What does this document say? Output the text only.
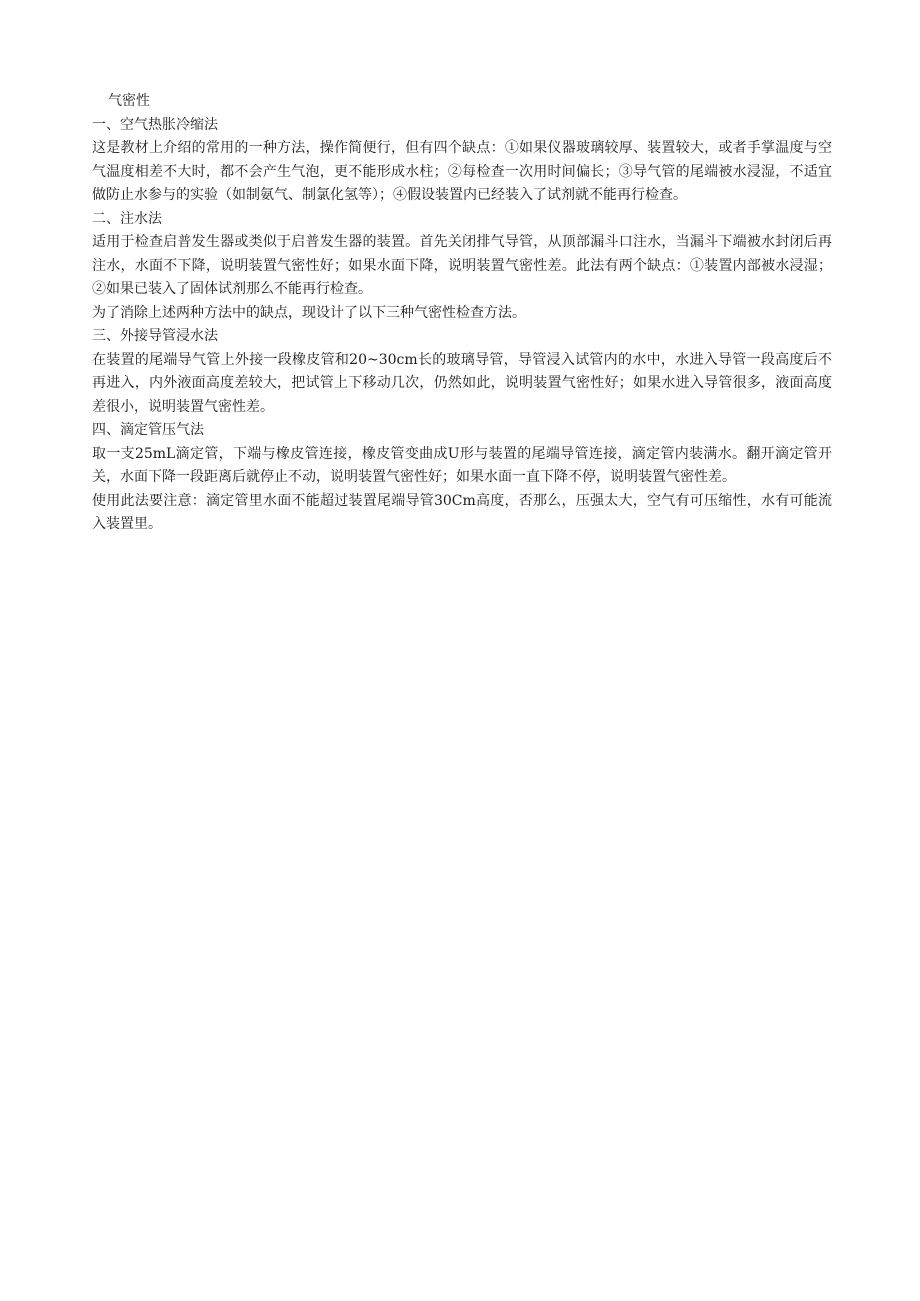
气密性

一、空气热胀冷缩法

这是教材上介绍的常用的一种方法，操作简便行，但有四个缺点：①如果仪器玻璃较厚、装置较大，或者手掌温度与空气温度相差不大时，都不会产生气泡，更不能形成水柱；②每检查一次用时间偏长；③导气管的尾端被水浸湿，不适宜做防止水参与的实验（如制氨气、制氯化氢等）；④假设装置内已经装入了试剂就不能再行检查。

二、注水法

适用于检查启普发生器或类似于启普发生器的装置。首先关闭排气导管，从顶部漏斗口注水，当漏斗下端被水封闭后再注水，水面不下降，说明装置气密性好；如果水面下降，说明装置气密性差。此法有两个缺点：①装置内部被水浸湿；②如果已装入了固体试剂那么不能再行检查。

为了消除上述两种方法中的缺点，现设计了以下三种气密性检查方法。

三、外接导管浸水法

在装置的尾端导气管上外接一段橡皮管和20~30cm长的玻璃导管，导管浸入试管内的水中，水进入导管一段高度后不再进入，内外液面高度差较大，把试管上下移动几次，仍然如此，说明装置气密性好；如果水进入导管很多，液面高度差很小，说明装置气密性差。

四、滴定管压气法

取一支25mL滴定管，下端与橡皮管连接，橡皮管变曲成U形与装置的尾端导管连接，滴定管内装满水。翻开滴定管开关，水面下降一段距离后就停止不动，说明装置气密性好；如果水面一直下降不停，说明装置气密性差。

使用此法要注意：滴定管里水面不能超过装置尾端导管30Cm高度，否那么，压强太大，空气有可压缩性，水有可能流入装置里。
